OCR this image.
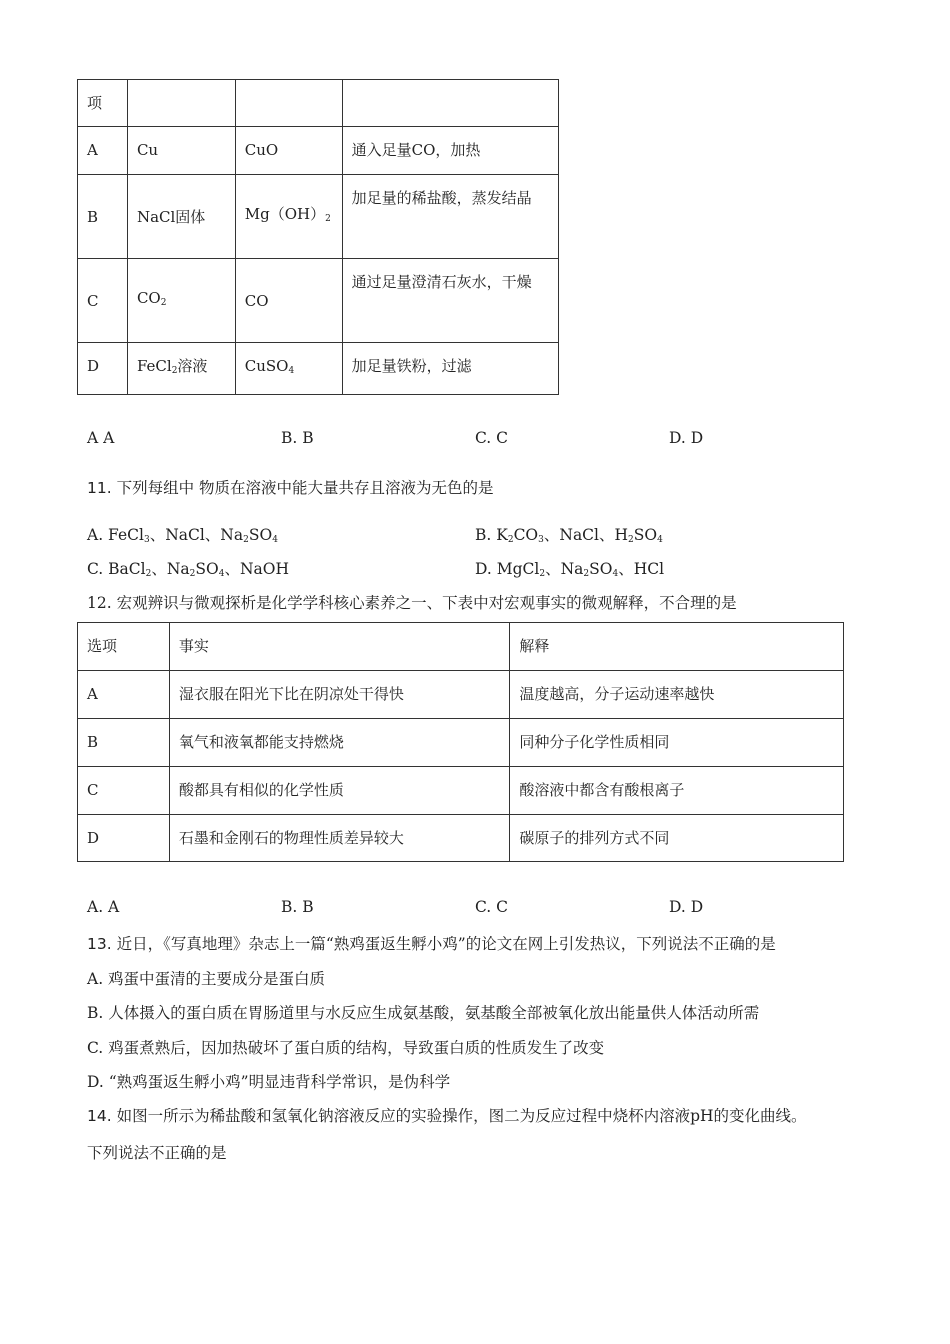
项			
A	Cu	CuO	通入足量CO，加热
B	NaCl固体	$Mg(OH)_2$	加足量的稀盐酸，蒸发结晶
C	$CO_2$	CO	通过足量澄清石灰水，干燥
D	FeCl$_2$溶液	CuSO$_4$	加足量铁粉，过滤
A A	B. B	C. C	D. D
11. 下列每组中 物质在溶液中能大量共存且溶液为无色的是
A. FeCl$_3$、NaCl、$Na_2SO_4$	B. $K_2CO_3$、NaCl、$H_2SO_4$
C. BaCl$_2$、$Na_2SO_4$、NaOH	D. MgCl$_2$、$Na_2SO_4$、HCl
12. 宏观辨识与微观探析是化学学科核心素养之一、下表中对宏观事实的微观解释，不合理的是
选项	事实	解释
A	湿衣服在阳光下比在阴凉处干得快	温度越高，分子运动速率越快
B	氧气和液氧都能支持燃烧	同种分子化学性质相同
C	酸都具有相似的化学性质	酸溶液中都含有酸根离子
D	石墨和金刚石的物理性质差异较大	碳原子的排列方式不同
A. A	B. B	C. C	D. D
13. 近日，《写真地理》杂志上一篇“熟鸡蛋返生孵小鸡”的论文在网上引发热议，下列说法不正确的是
A. 鸡蛋中蛋清的主要成分是蛋白质
B. 人体摄入的蛋白质在胃肠道里与水反应生成氨基酸，氨基酸全部被氧化放出能量供人体活动所需
C. 鸡蛋煮熟后，因加热破坏了蛋白质的结构，导致蛋白质的性质发生了改变
D. “熟鸡蛋返生孵小鸡”明显违背科学常识，是伪科学
14. 如图一所示为稀盐酸和氢氧化钠溶液反应的实验操作，图二为反应过程中烧杯内溶液pH的变化曲线。
下列说法不正确的是
